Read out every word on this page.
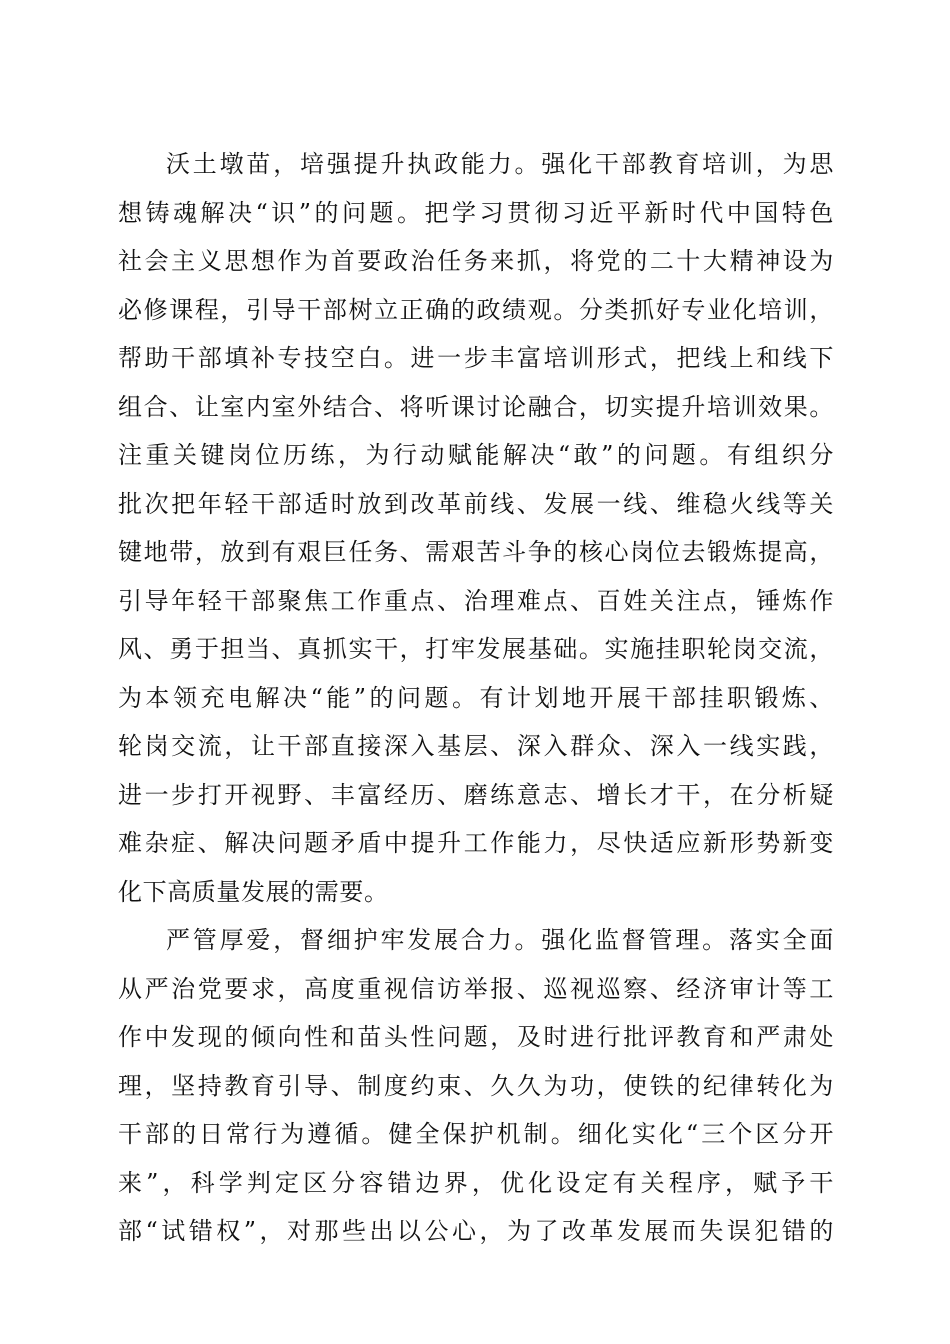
沃土墩苗，培强提升执政能力。强化干部教育培训，为思
想铸魂解决“识”的问题。把学习贯彻习近平新时代中国特色
社会主义思想作为首要政治任务来抓，将党的二十大精神设为
必修课程，引导干部树立正确的政绩观。分类抓好专业化培训，
帮助干部填补专技空白。进一步丰富培训形式，把线上和线下
组合、让室内室外结合、将听课讨论融合，切实提升培训效果。
注重关键岗位历练，为行动赋能解决“敢”的问题。有组织分
批次把年轻干部适时放到改革前线、发展一线、维稳火线等关
键地带，放到有艰巨任务、需艰苦斗争的核心岗位去锻炼提高，
引导年轻干部聚焦工作重点、治理难点、百姓关注点，锤炼作
风、勇于担当、真抓实干，打牢发展基础。实施挂职轮岗交流，
为本领充电解决“能”的问题。有计划地开展干部挂职锻炼、
轮岗交流，让干部直接深入基层、深入群众、深入一线实践，
进一步打开视野、丰富经历、磨练意志、增长才干，在分析疑
难杂症、解决问题矛盾中提升工作能力，尽快适应新形势新变
化下高质量发展的需要。
严管厚爱，督细护牢发展合力。强化监督管理。落实全面
从严治党要求，高度重视信访举报、巡视巡察、经济审计等工
作中发现的倾向性和苗头性问题，及时进行批评教育和严肃处
理，坚持教育引导、制度约束、久久为功，使铁的纪律转化为
干部的日常行为遵循。健全保护机制。细化实化“三个区分开
来”，科学判定区分容错边界，优化设定有关程序，赋予干
部“试错权”，对那些出以公心，为了改革发展而失误犯错的
